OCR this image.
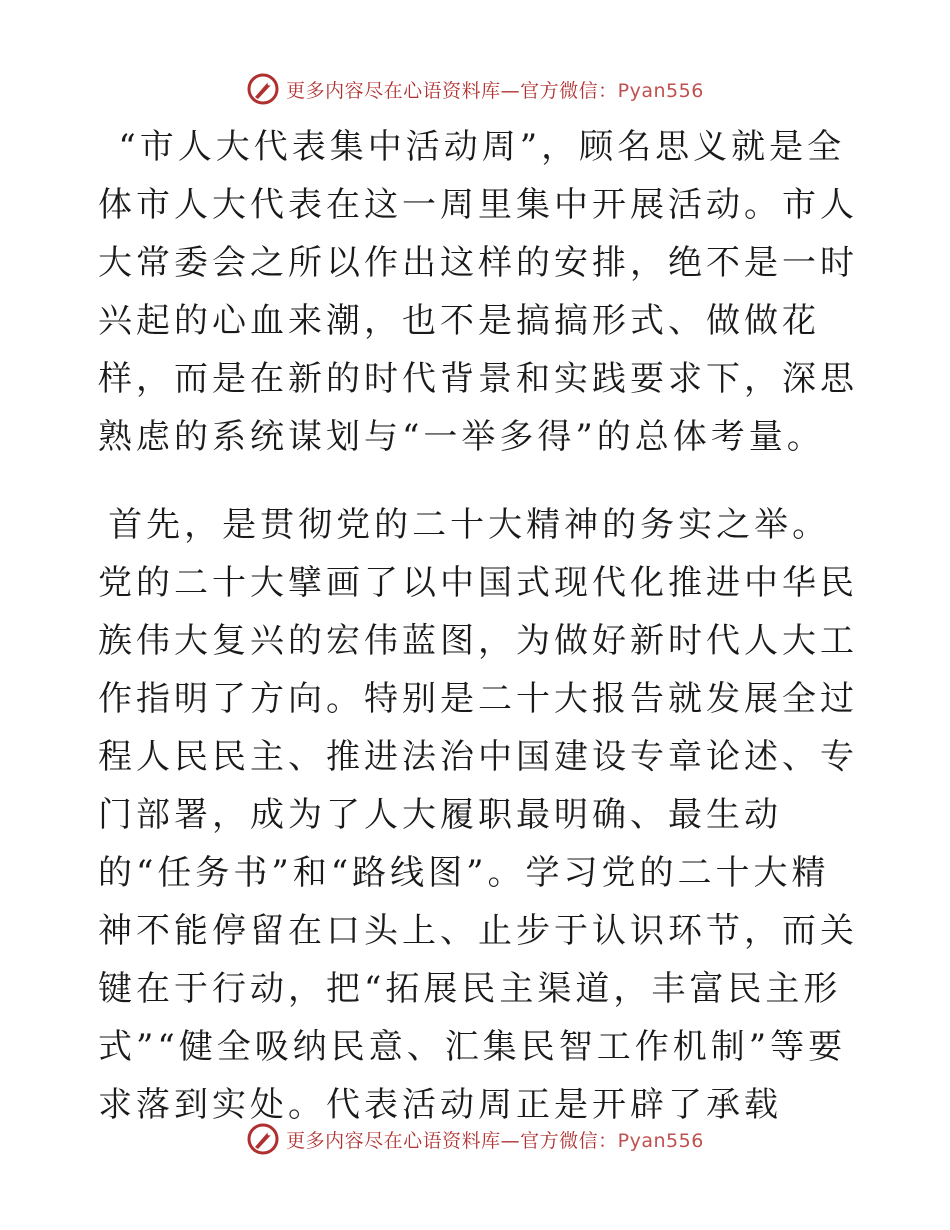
更多内容尽在心语资料库—官方微信：Pyan556

“市人大代表集中活动周”，顾名思义就是全体市人大代表在这一周里集中开展活动。市人大常委会之所以作出这样的安排，绝不是一时兴起的心血来潮，也不是搞搞形式、做做花样，而是在新的时代背景和实践要求下，深思熟虑的系统谋划与“一举多得”的总体考量。

首先，是贯彻党的二十大精神的务实之举。党的二十大擘画了以中国式现代化推进中华民族伟大复兴的宏伟蓝图，为做好新时代人大工作指明了方向。特别是二十大报告就发展全过程人民民主、推进法治中国建设专章论述、专门部署，成为了人大履职最明确、最生动的“任务书”和“路线图”。学习党的二十大精神不能停留在口头上、止步于认识环节，而关键在于行动，把“拓展民主渠道，丰富民主形式”“健全吸纳民意、汇集民智工作机制”等要求落到实处。代表活动周正是开辟了承载

更多内容尽在心语资料库—官方微信：Pyan556
